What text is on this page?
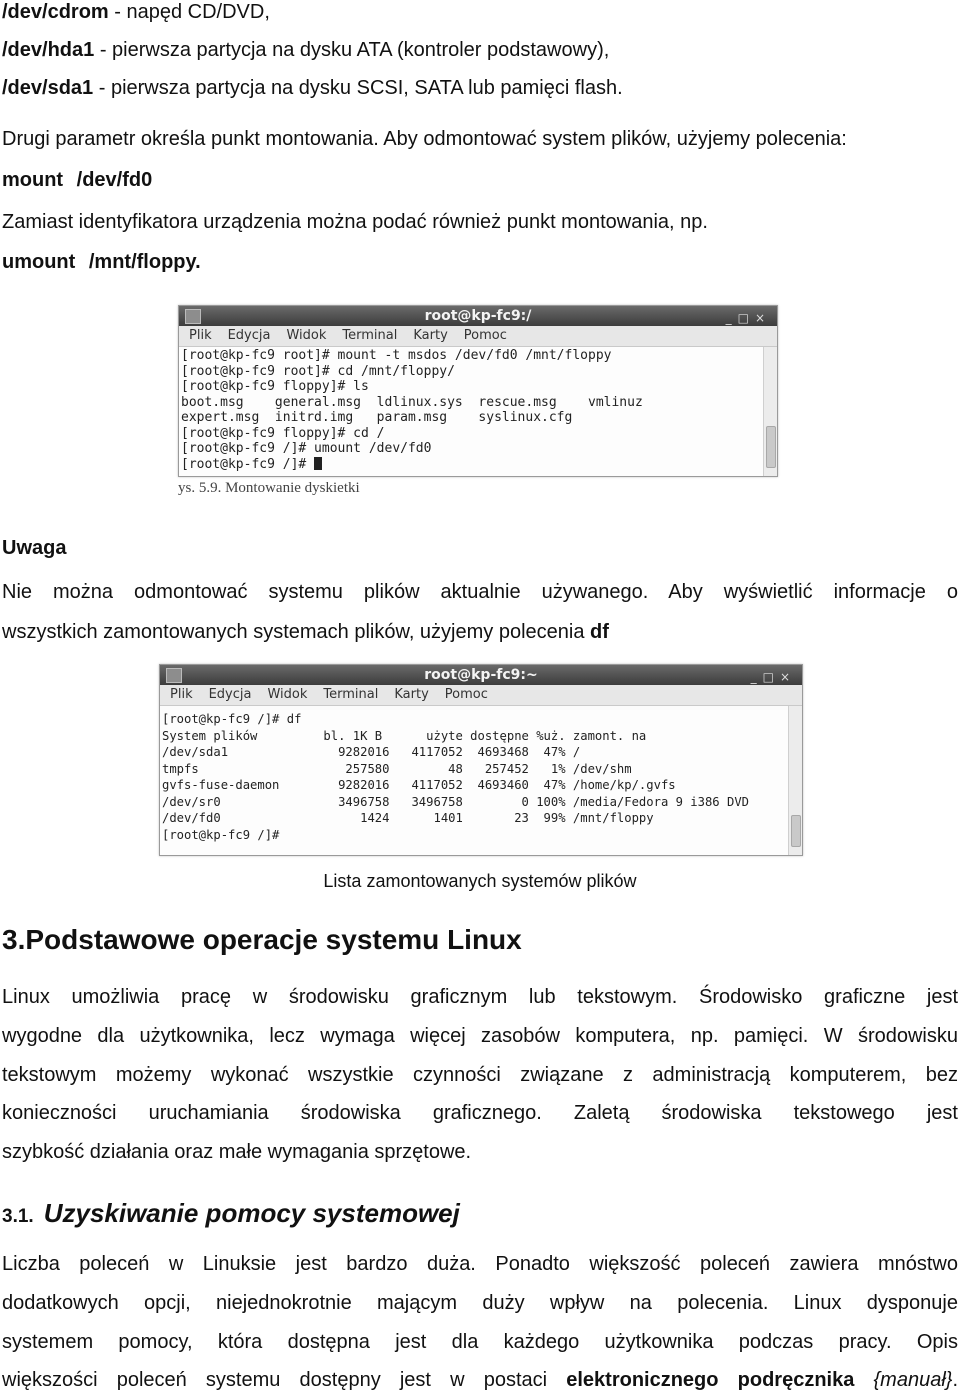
/dev/cdrom - napęd CD/DVD,
/dev/hda1 - pierwsza partycja na dysku ATA (kontroler podstawowy),
/dev/sda1 - pierwsza partycja na dysku SCSI, SATA lub pamięci flash.
Drugi parametr określa punkt montowania. Aby odmontować system plików, użyjemy polecenia:
mount /dev/fd0
Zamiast identyfikatora urządzenia można podać również punkt montowania, np.
umount /mnt/floppy.
root@kp-fc9:/	_□×
Plik Edycja Widok Terminal Karty Pomoc
[root@kp-fc9 root]# mount -t msdos /dev/fd0 /mnt/floppy
[root@kp-fc9 root]# cd /mnt/floppy/
[root@kp-fc9 floppy]# ls
boot.msg    general.msg  ldlinux.sys  rescue.msg    vmlinuz
expert.msg  initrd.img   param.msg    syslinux.cfg
[root@kp-fc9 floppy]# cd /
[root@kp-fc9 /]# umount /dev/fd0
[root@kp-fc9 /]#
ys. 5.9. Montowanie dyskietki
Uwaga
Nie można odmontować systemu plików aktualnie używanego. Aby wyświetlić informacje o
wszystkich zamontowanych systemach plików, użyjemy polecenia df
root@kp-fc9:~	_□×
Plik Edycja Widok Terminal Karty Pomoc
[root@kp-fc9 /]# df
System plików         bl. 1K B      użyte dostępne %uż. zamont. na
/dev/sda1               9282016   4117052  4693468  47% /
tmpfs                    257580        48   257452   1% /dev/shm
gvfs-fuse-daemon        9282016   4117052  4693460  47% /home/kp/.gvfs
/dev/sr0                3496758   3496758        0 100% /media/Fedora 9 i386 DVD
/dev/fd0                   1424      1401       23  99% /mnt/floppy
[root@kp-fc9 /]#
Lista zamontowanych systemów plików
3.Podstawowe operacje systemu Linux
Linux umożliwia pracę w środowisku graficznym lub tekstowym. Środowisko graficzne jest
wygodne dla użytkownika, lecz wymaga więcej zasobów komputera, np. pamięci. W środowisku
tekstowym możemy wykonać wszystkie czynności związane z administracją komputerem, bez
konieczności uruchamiania środowiska graficznego. Zaletą środowiska tekstowego jest
szybkość działania oraz małe wymagania sprzętowe.
3.1. Uzyskiwanie pomocy systemowej
Liczba poleceń w Linuksie jest bardzo duża. Ponadto większość poleceń zawiera mnóstwo
dodatkowych opcji, niejednokrotnie mającym duży wpływ na polecenia. Linux dysponuje
systemem pomocy, która dostępna jest dla każdego użytkownika podczas pracy. Opis
większości poleceń systemu dostępny jest w postaci elektronicznego podręcznika {manuał}.
